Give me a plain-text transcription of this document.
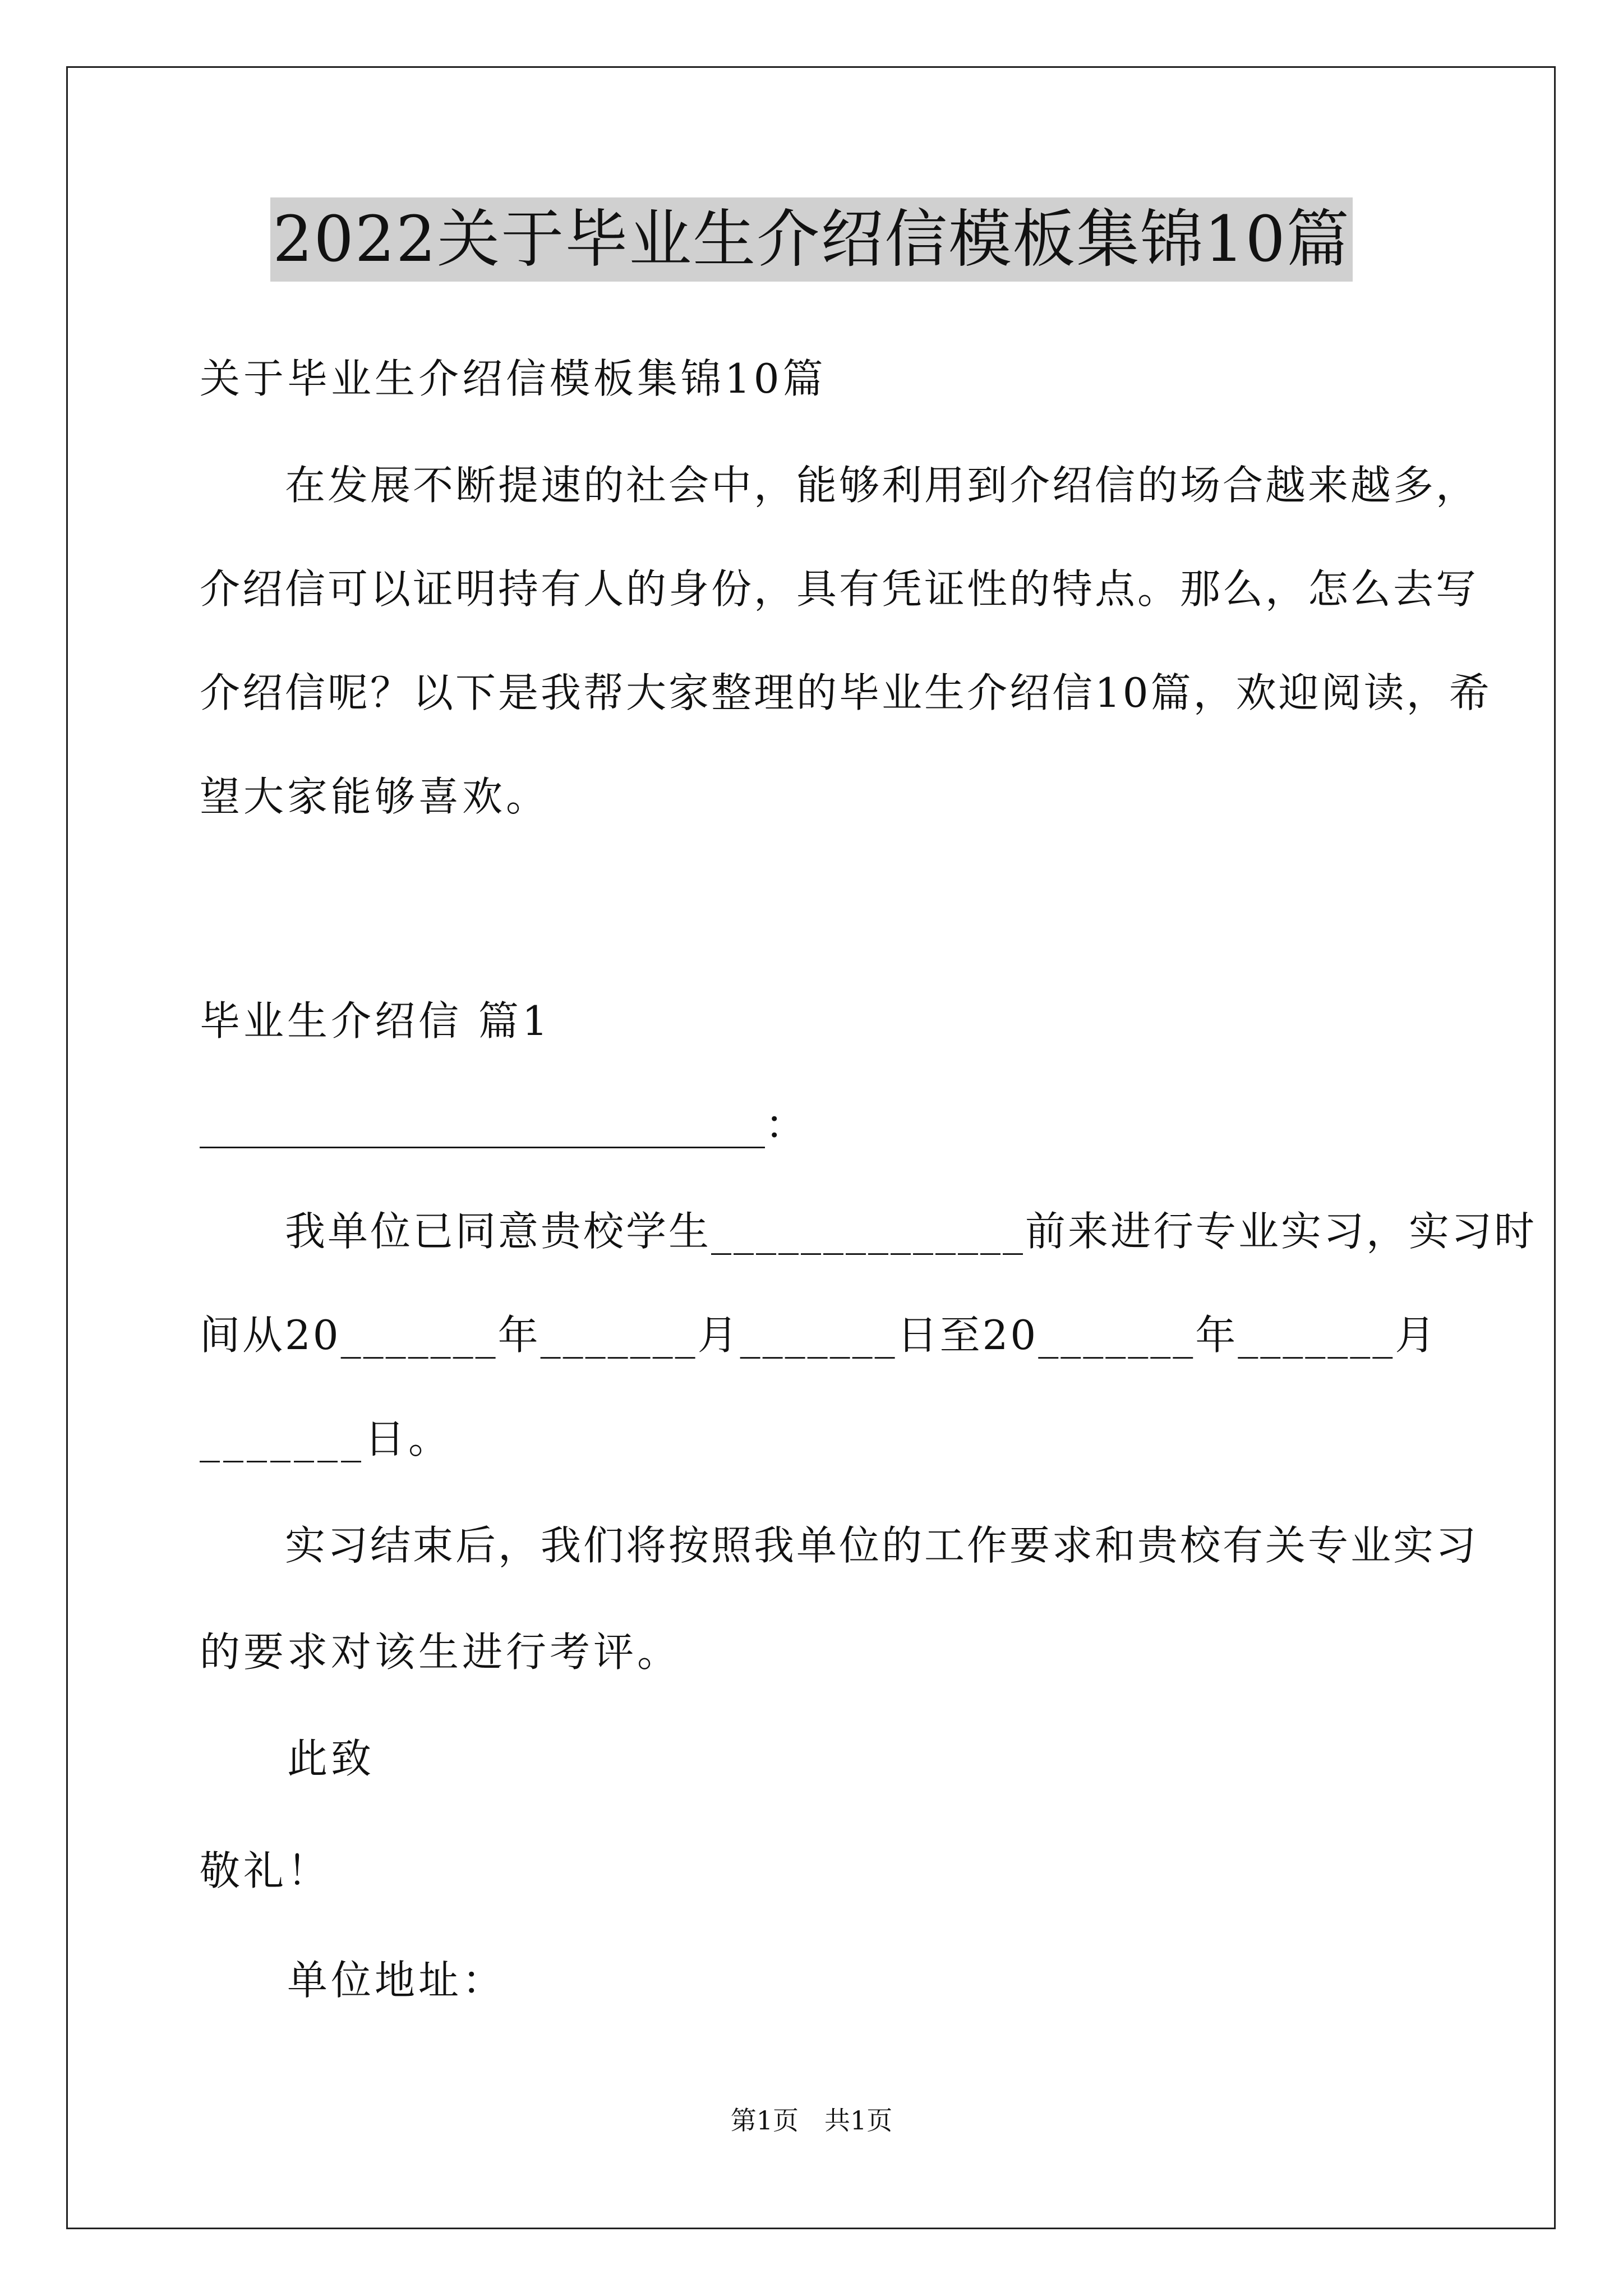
2022关于毕业生介绍信模板集锦10篇
关于毕业生介绍信模板集锦10篇
　　在发展不断提速的社会中，能够利用到介绍信的场合越来越多，
介绍信可以证明持有人的身份，具有凭证性的特点。那么，怎么去写
介绍信呢？以下是我帮大家整理的毕业生介绍信10篇，欢迎阅读，希
望大家能够喜欢。
毕业生介绍信 篇1
____________________________：
　　我单位已同意贵校学生______________前来进行专业实习，实习时
间从20_______年_______月_______日至20_______年_______月
_______日。
　　实习结束后，我们将按照我单位的工作要求和贵校有关专业实习
的要求对该生进行考评。
　　此致
敬礼！
　　单位地址：
第1页　共1页
